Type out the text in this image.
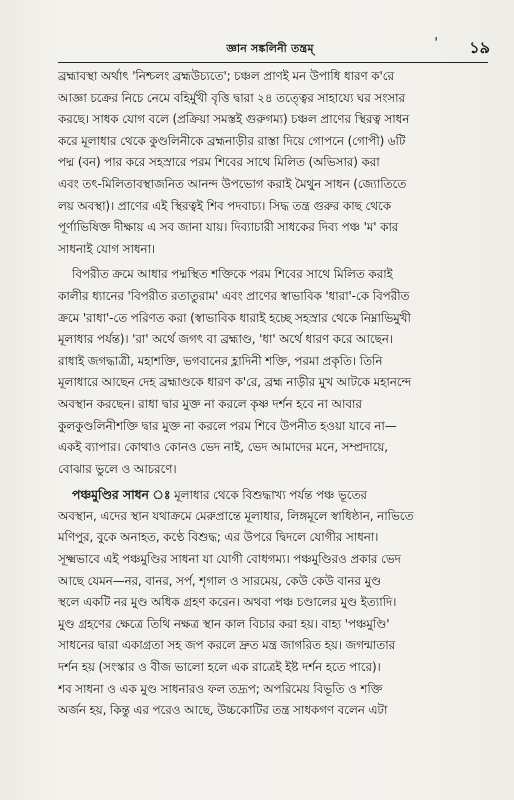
জ্ঞান সঙ্কলিনী তন্ত্রম্	' ১৯
ব্রহ্মাবস্থা অর্থাৎ 'নিশ্চলং ব্রহ্মউচ্যতে'; চঞ্চল প্রাণই মন উপাধি ধারণ ক'রে
আজ্ঞা চক্রের নিচে নেমে বহির্মুখী বৃত্তি দ্বারা ২৪ তত্ত্বের সাহায্যে ঘর সংসার
করছে। সাধক যোগ বলে (প্রক্রিয়া সমস্তই গুরুগম্য) চঞ্চল প্রাণের স্থিরত্ব সাধন
করে মূলাধার থেকে কুণ্ডলিনীকে ব্রহ্মনাড়ীর রাস্তা দিয়ে গোপনে (গোপী) ৬টি
পদ্ম (বন) পার করে সহস্রারে পরম শিবের সাথে মিলিত (অভিসার) করা
এবং তৎ-মিলিতাবস্থাজনিত আনন্দ উপভোগ করাই মৈথুন সাধন (জ্যোতিতে
লয় অবস্থা)। প্রাণের এই স্থিরত্বই শিব পদবাচ্য। সিদ্ধ তন্ত্র গুরুর কাছ থেকে
পূর্ণাভিষিক্ত দীক্ষায় এ সব জানা যায়। দিব্যাচারী সাধকের দিব্য পঞ্চ 'ম' কার
সাধনাই যোগ সাধনা।
বিপরীত ক্রমে আধার পদ্মস্থিত শক্তিকে পরম শিবের সাথে মিলিত করাই
কালীর ধ্যানের 'বিপরীত রতাতুরাম' এবং প্রাণের স্বাভাবিক 'ধারা'-কে বিপরীত
ক্রমে 'রাধা'-তে পরিণত করা (স্বাভাবিক ধারাই হচ্ছে সহস্রার থেকে নিম্নাভিমুখী
মূলাধার পর্যন্ত)। 'রা' অর্থে জগৎ বা ব্রহ্মাণ্ড, 'ধা' অর্থে ধারণ করে আছেন।
রাধাই জগদ্ধাত্রী, মহাশক্তি, ভগবানের হ্লাদিনী শক্তি, পরমা প্রকৃতি। তিনি
মূলাধারে আছেন দেহ ব্রহ্মাণ্ডকে ধারণ ক'রে, ব্রহ্ম নাড়ীর মুখ আটকে মহানন্দে
অবস্থান করছেন। রাধা দ্বার মুক্ত না করলে কৃষ্ণ দর্শন হবে না আবার
কুলকুণ্ডলিনীশক্তি দ্বার মুক্ত না করলে পরম শিবে উপনীত হওয়া যাবে না—
একই ব্যাপার। কোথাও কোনও ভেদ নাই, ভেদ আমাদের মনে, সম্প্রদায়ে,
বোঝার ভুলে ও আচরণে।
পঞ্চমুণ্ডির সাধন ঃ মূলাধার থেকে বিশুদ্ধাখ্য পর্যন্ত পঞ্চ ভূতের
অবস্থান, এদের স্থান যথাক্রমে মেরুপ্রান্তে মূলাধার, লিঙ্গমূলে স্বাধিষ্ঠান, নাভিতে
মণিপুর, বুকে অনাহত, কণ্ঠে বিশুদ্ধ; এর উপরে দ্বিদলে যোগীর সাধনা।
সূক্ষ্মভাবে এই পঞ্চমুণ্ডির সাধনা যা যোগী বোধগম্য। পঞ্চমুণ্ডিরও প্রকার ভেদ
আছে যেমন—নর, বানর, সর্প, শৃগাল ও সারমেয়, কেউ কেউ বানর মুণ্ড
স্থলে একটি নর মুণ্ড অধিক গ্রহণ করেন। অথবা পঞ্চ চণ্ডালের মুণ্ড ইত্যাদি।
মুণ্ড গ্রহণের ক্ষেত্রে তিথি নক্ষত্র স্থান কাল বিচার করা হয়। বাহ্য 'পঞ্চমুণ্ডি'
সাধনের দ্বারা একাগ্রতা সহ জপ করলে দ্রুত মন্ত্র জাগরিত হয়। জগন্মাতার
দর্শন হয় (সংস্কার ও বীজ ভালো হলে এক রাত্রেই ইষ্ট দর্শন হতে পারে)।
শব সাধনা ও এক মুণ্ড সাধনারও ফল তদ্রূপ; অপরিমেয় বিভূতি ও শক্তি
অর্জন হয়, কিন্তু এর পরেও আছে, উচ্চকোটির তন্ত্র সাধকগণ বলেন এটা
